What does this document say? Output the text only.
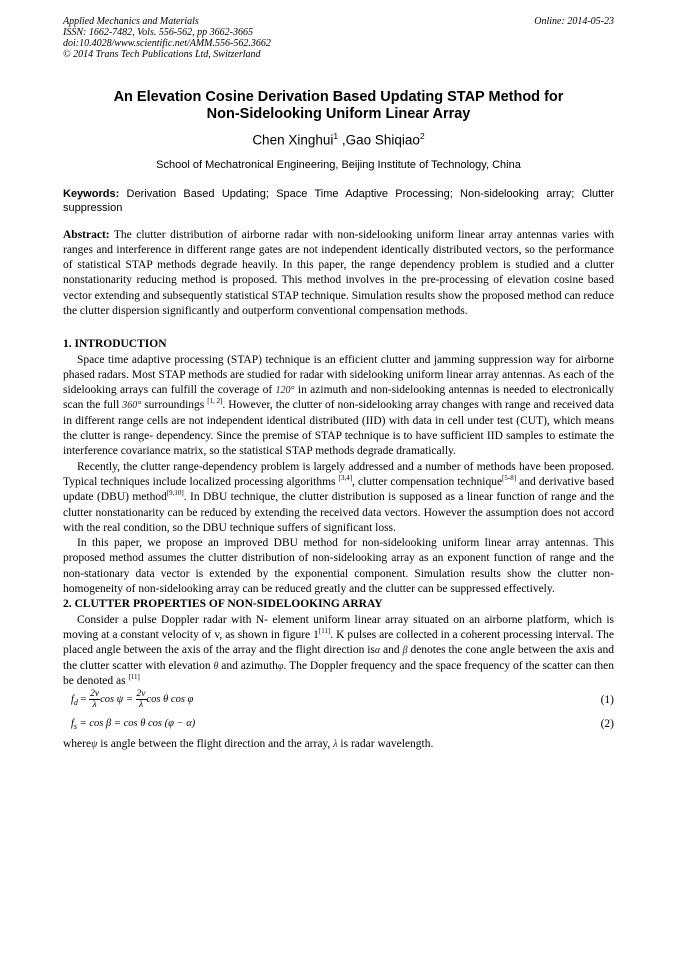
Applied Mechanics and Materials	Online: 2014-05-23
ISSN: 1662-7482, Vols. 556-562, pp 3662-3665
doi:10.4028/www.scientific.net/AMM.556-562.3662
© 2014 Trans Tech Publications Ltd, Switzerland
An Elevation Cosine Derivation Based Updating STAP Method for
Non-Sidelooking Uniform Linear Array
Chen Xinghui$^1$ ,Gao Shiqiao$^2$
School of Mechatronical Engineering, Beijing Institute of Technology, China
Keywords: Derivation Based Updating; Space Time Adaptive Processing; Non-sidelooking array; Clutter suppression

Abstract: The clutter distribution of airborne radar with non-sidelooking uniform linear array antennas varies with ranges and interference in different range gates are not independent identically distributed vectors, so the performance of statistical STAP methods degrade heavily. In this paper, the range dependency problem is studied and a clutter nonstationarity reducing method is proposed. This method involves in the pre-processing of elevation cosine based vector extending and subsequently statistical STAP technique. Simulation results show the proposed method can reduce the clutter dispersion significantly and outperform conventional compensation methods.

1. INTRODUCTION

Space time adaptive processing (STAP) technique is an efficient clutter and jamming suppression way for airborne phased radars. Most STAP methods are studied for radar with sidelooking uniform linear array antennas. As each of the sidelooking arrays can fulfill the coverage of 120° in azimuth and non-sidelooking antennas is needed to electronically scan the full 360° surroundings [1, 2]. However, the clutter of non-sidelooking array changes with range and received data in different range cells are not independent identical distributed (IID) with data in cell under test (CUT), which means the clutter is range- dependency. Since the premise of STAP technique is to have sufficient IID samples to estimate the interference covariance matrix, so the statistical STAP methods degrade dramatically.

Recently, the clutter range-dependency problem is largely addressed and a number of methods have been proposed. Typical techniques include localized processing algorithms [3,4], clutter compensation technique[5-8] and derivative based update (DBU) method[9,10]. In DBU technique, the clutter distribution is supposed as a linear function of range and the clutter nonstationarity can be reduced by extending the received data vectors. However the assumption does not accord with the real condition, so the DBU technique suffers of significant loss.

In this paper, we propose an improved DBU method for non-sidelooking uniform linear array antennas. This proposed method assumes the clutter distribution of non-sidelooking array as an exponent function of range and the non-stationary data vector is extended by the exponential component. Simulation results show the clutter non-homogeneity of non-sidelooking array can be reduced greatly and the clutter can be suppressed effectively.

2. CLUTTER PROPERTIES OF NON-SIDELOOKING ARRAY

Consider a pulse Doppler radar with N- element uniform linear array situated on an airborne platform, which is moving at a constant velocity of v, as shown in figure 1[11]. K pulses are collected in a coherent processing interval. The placed angle between the axis of the array and the flight direction isα and β denotes the cone angle between the axis and the clutter scatter with elevation θ and azimuthφ. The Doppler frequency and the space frequency of the scatter can then be denoted as [11]

$f_d = \frac{2v}{\lambda}$ $\cos \psi = \frac{2v}{\lambda}$ cos θ cos φ	(1)
$f_s = \cos \beta = \cos \theta$ cos (φ − α)	(2)

whereψ is angle between the flight direction and the array, λ is radar wavelength.
